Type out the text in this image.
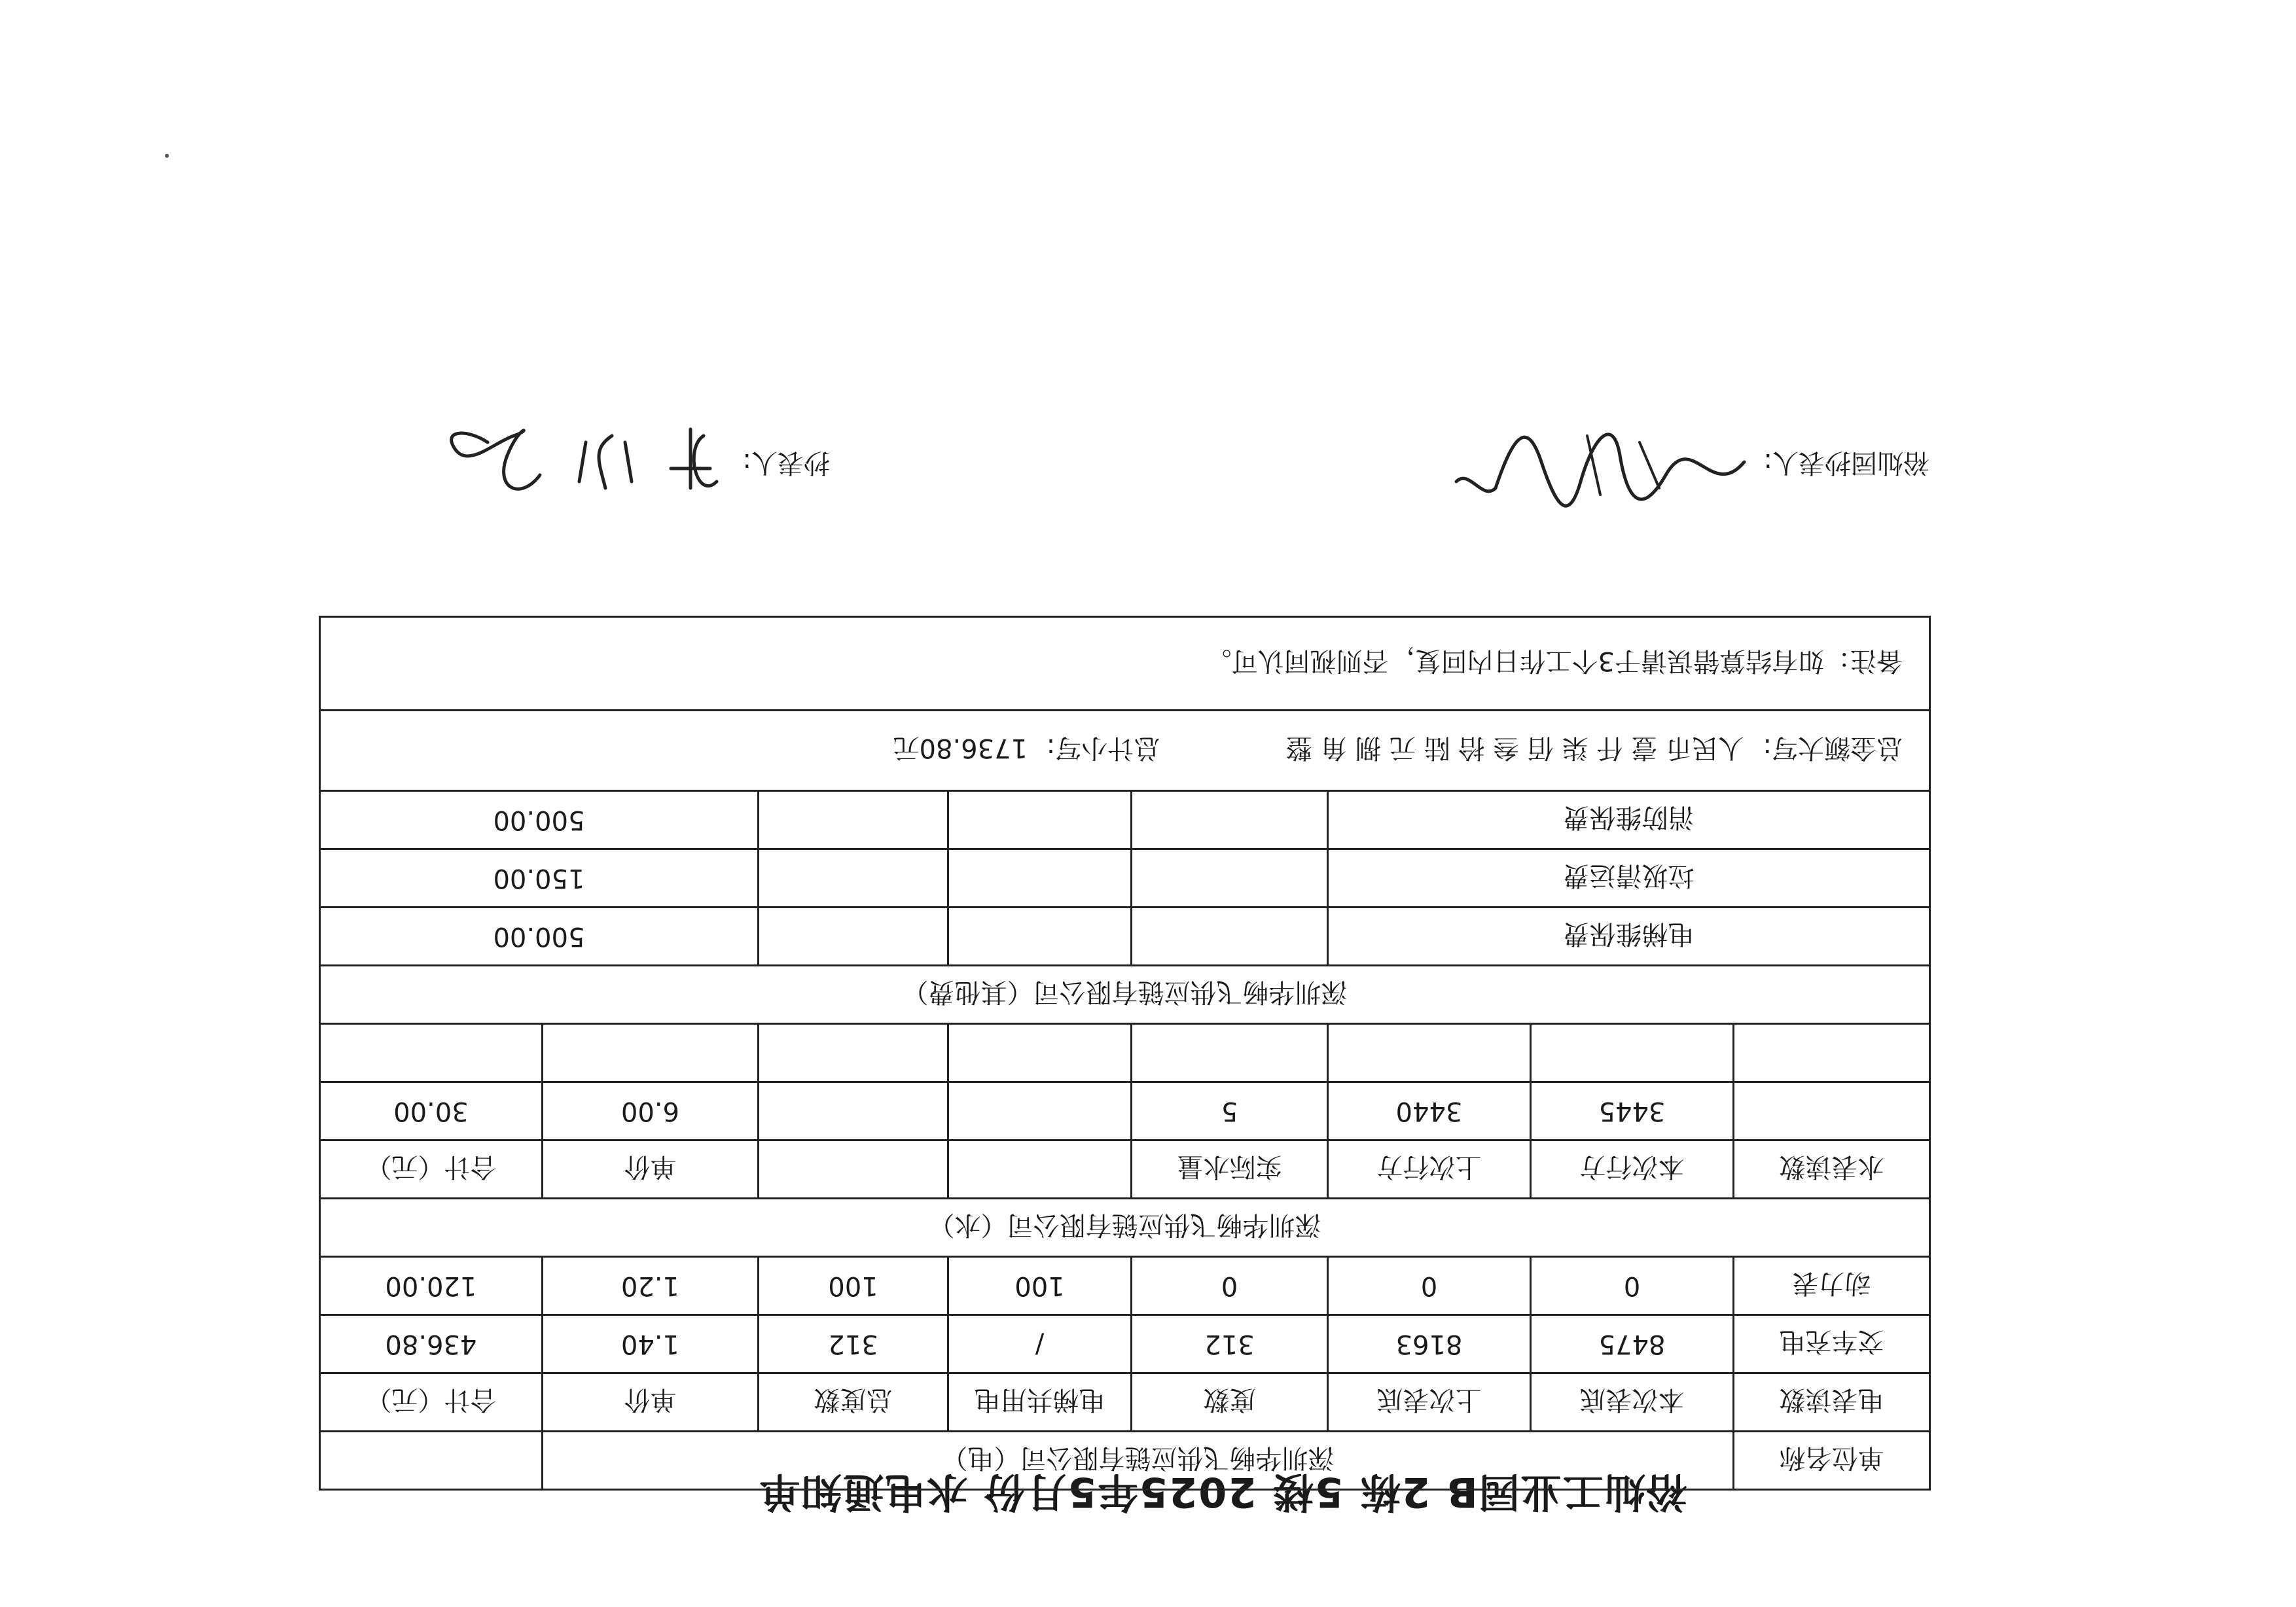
裕灿工业园B 2栋 5楼 2025年5月份 水电通知单
单位名称	深圳华畅飞供应链有限公司（电）						
电表读数	本次表底	上次表底	度数	电梯共用电	总度数	单价	合计（元）
交车充电	8475	8163	312	/	312	1.40	436.80
动力表	0	0	0	100	100	1.20	120.00
深圳华畅飞供应链有限公司（水）							
水表读数	本次行方	上次行方	实际水量			单价	合计（元）
	3445	3440	5			6.00	30.00

深圳华畅飞供应链有限公司（其他费）							
电梯维保费						500.00	
垃圾清运费						150.00	
消防维保费						500.00	
总金额大写: 人民币 壹 仟 柒 佰 叁 拾 陆 元 捌 角 整 总计小写: 1736.80元							
备注：如有结算错误请于3个工作日内回复，否则视同认可。							
裕灿园抄表人:
抄表人:
